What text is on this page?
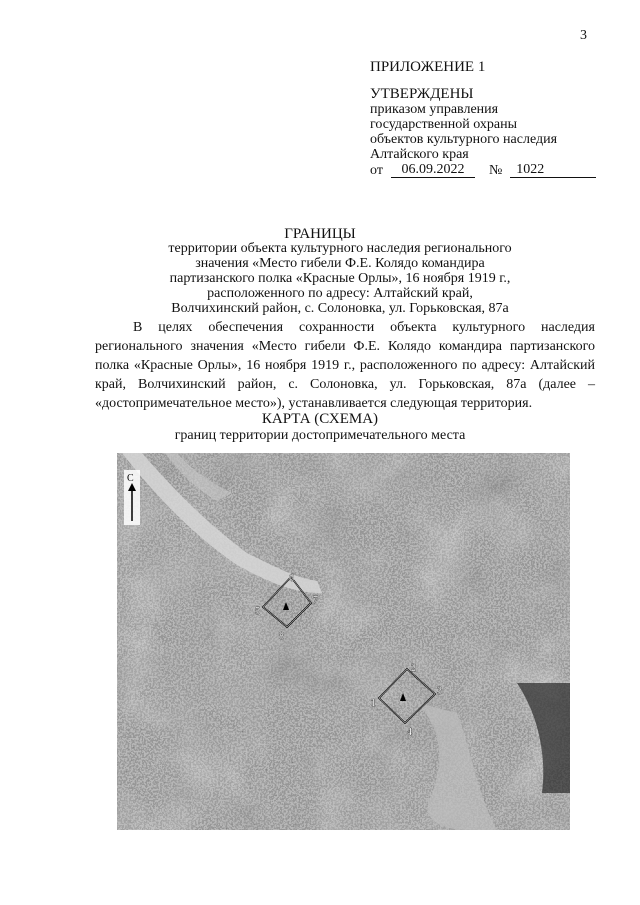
3
ПРИЛОЖЕНИЕ 1
УТВЕРЖДЕНЫ
приказом управления
государственной охраны
объектов культурного наследия
Алтайского края
от	06.09.2022	№	1022
ГРАНИЦЫ
территории объекта культурного наследия регионального
значения «Место гибели Ф.Е. Колядо командира
партизанского полка «Красные Орлы», 16 ноября 1919 г.,
расположенного по адресу: Алтайский край,
Волчихинский район, с. Солоновка, ул. Горьковская, 87а
В целях обеспечения сохранности объекта культурного наследия регионального значения «Место гибели Ф.Е. Колядо командира партизанского полка «Красные Орлы», 16 ноября 1919 г., расположенного по адресу: Алтайский край, Волчихинский район, с. Солоновка, ул. Горьковская, 87а (далее – «достопримечательное место»), устанавливается следующая территория.
КАРТА (СХЕМА)
границ территории достопримечательного места
С
5
6
7
8
1
2
3
4
